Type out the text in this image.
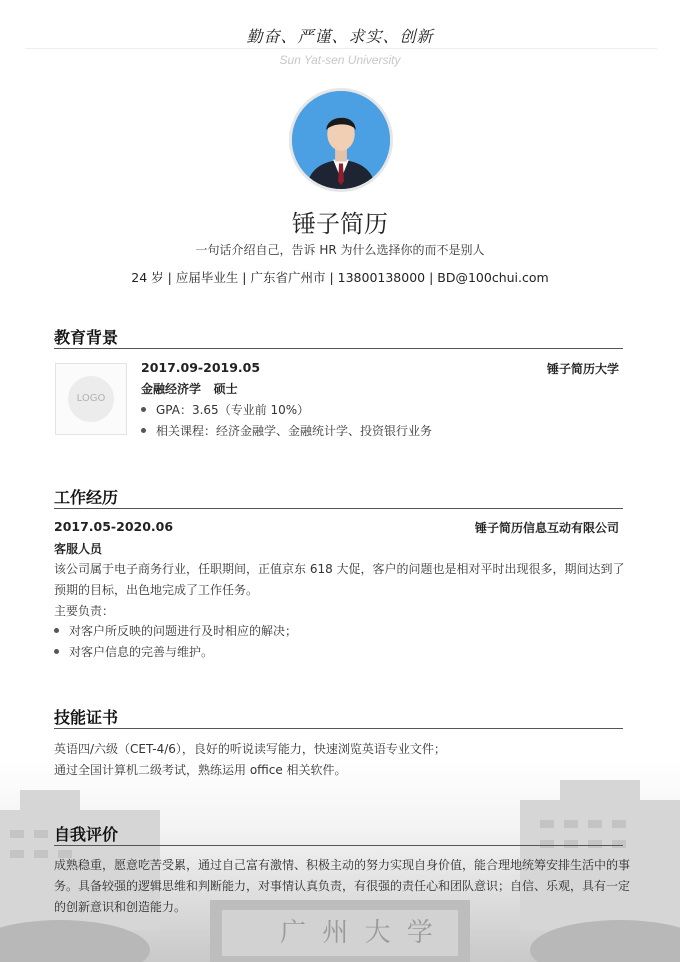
广 州 大 学
勤奋、严谨、求实、创新
Sun Yat-sen University
锤子简历
一句话介绍自己，告诉 HR 为什么选择你的而不是别人
24 岁 | 应届毕业生 | 广东省广州市 | 13800138000 | BD@100chui.com
教育背景
LOGO
2017.09-2019.05	锤子简历大学
金融经济学 硕士
GPA：3.65（专业前 10%）
相关课程：经济金融学、金融统计学、投资银行业务
工作经历
2017.05-2020.06	锤子简历信息互动有限公司
客服人员
该公司属于电子商务行业，任职期间，正值京东 618 大促，客户的问题也是相对平时出现很多，期间达到了
预期的目标，出色地完成了工作任务。
主要负责：
对客户所反映的问题进行及时相应的解决；
对客户信息的完善与维护。
技能证书
英语四/六级（CET-4/6），良好的听说读写能力，快速浏览英语专业文件；
通过全国计算机二级考试，熟练运用 office 相关软件。
自我评价
成熟稳重，愿意吃苦受累，通过自己富有激情、积极主动的努力实现自身价值，能合理地统筹安排生活中的事
务。具备较强的逻辑思维和判断能力，对事情认真负责，有很强的责任心和团队意识；自信、乐观，具有一定
的创新意识和创造能力。
